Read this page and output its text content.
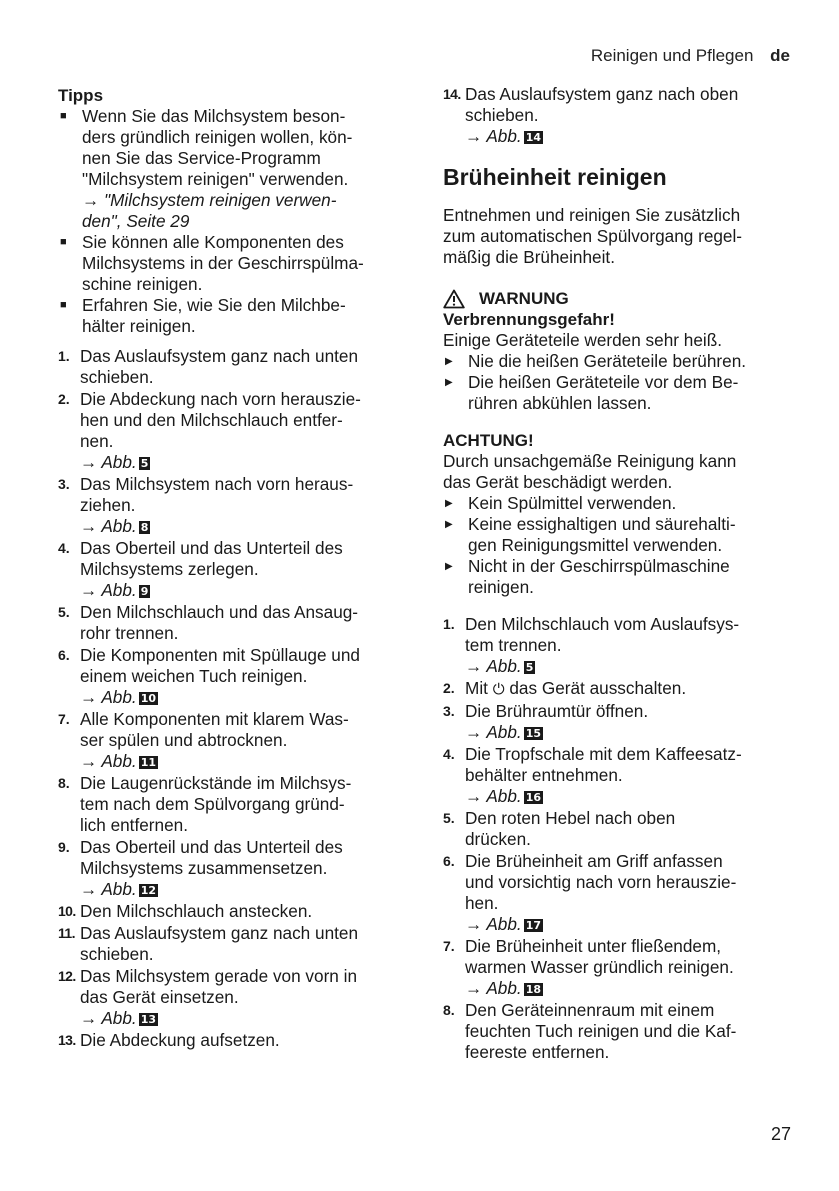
Reinigen und Pflegen de
Tipps
■ Wenn Sie das Milchsystem beson-
ders gründlich reinigen wollen, kön-
nen Sie das Service-Programm
"Milchsystem reinigen" verwenden.
→ "Milchsystem reinigen verwen-
den", Seite 29
■ Sie können alle Komponenten des
Milchsystems in der Geschirrspülma-
schine reinigen.
■ Erfahren Sie, wie Sie den Milchbe-
hälter reinigen.
1. Das Auslaufsystem ganz nach unten
schieben.
2. Die Abdeckung nach vorn herauszie-
hen und den Milchschlauch entfer-
nen.
→ Abb. 5
3. Das Milchsystem nach vorn heraus-
ziehen.
→ Abb. 8
4. Das Oberteil und das Unterteil des
Milchsystems zerlegen.
→ Abb. 9
5. Den Milchschlauch und das Ansaug-
rohr trennen.
6. Die Komponenten mit Spüllauge und
einem weichen Tuch reinigen.
→ Abb. 10
7. Alle Komponenten mit klarem Was-
ser spülen und abtrocknen.
→ Abb. 11
8. Die Laugenrückstände im Milchsys-
tem nach dem Spülvorgang gründ-
lich entfernen.
9. Das Oberteil und das Unterteil des
Milchsystems zusammensetzen.
→ Abb. 12
10. Den Milchschlauch anstecken.
11. Das Auslaufsystem ganz nach unten
schieben.
12. Das Milchsystem gerade von vorn in
das Gerät einsetzen.
→ Abb. 13
13. Die Abdeckung aufsetzen.
14. Das Auslaufsystem ganz nach oben
schieben.
→ Abb. 14
Brüheinheit reinigen
Entnehmen und reinigen Sie zusätzlich
zum automatischen Spülvorgang regel-
mäßig die Brüheinheit.
WARNUNG
Verbrennungsgefahr!
Einige Geräteteile werden sehr heiß.
▶ Nie die heißen Geräteteile berühren.
▶ Die heißen Geräteteile vor dem Be-
rühren abkühlen lassen.
ACHTUNG!
Durch unsachgemäße Reinigung kann
das Gerät beschädigt werden.
▶ Kein Spülmittel verwenden.
▶ Keine essighaltigen und säurehalti-
gen Reinigungsmittel verwenden.
▶ Nicht in der Geschirrspülmaschine
reinigen.
1. Den Milchschlauch vom Auslaufsys-
tem trennen.
→ Abb. 5
2. Mit ⏻ das Gerät ausschalten.
3. Die Brühraumtür öffnen.
→ Abb. 15
4. Die Tropfschale mit dem Kaffeesatz-
behälter entnehmen.
→ Abb. 16
5. Den roten Hebel nach oben
drücken.
6. Die Brüheinheit am Griff anfassen
und vorsichtig nach vorn herauszie-
hen.
→ Abb. 17
7. Die Brüheinheit unter fließendem,
warmen Wasser gründlich reinigen.
→ Abb. 18
8. Den Geräteinnenraum mit einem
feuchten Tuch reinigen und die Kaf-
feereste entfernen.
27
